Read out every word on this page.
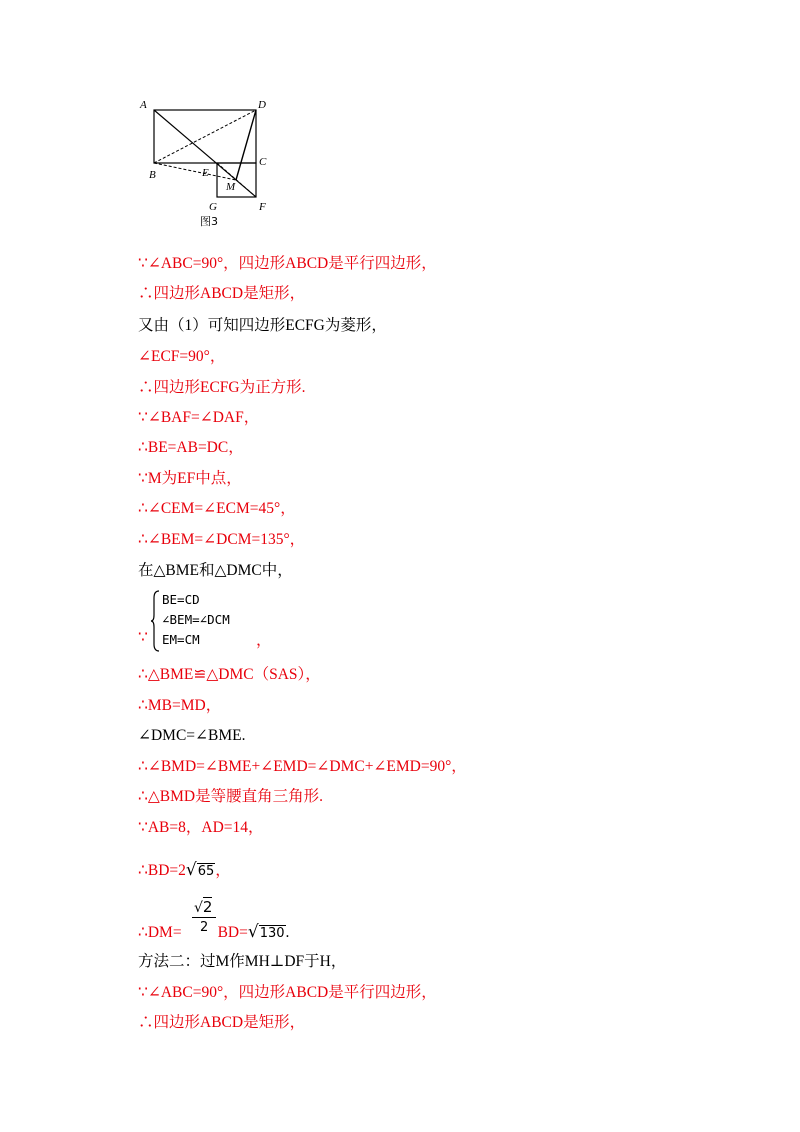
A	D
B	E
C
M
G	F
图3
∵∠ABC=90°，四边形ABCD是平行四边形，
∴四边形ABCD是矩形，
又由（1）可知四边形ECFG为菱形，
∠ECF=90°，
∴四边形ECFG为正方形.
∵∠BAF=∠DAF，
∴BE=AB=DC，
∵M为EF中点，
∴∠CEM=∠ECM=45°，
∴∠BEM=∠DCM=135°，
在△BME和△DMC中，
∵
BE=CD
∠BEM=∠DCM
EM=CM	，
∴△BME≌△DMC（SAS），
∴MB=MD，
∠DMC=∠BME.
∴∠BMD=∠BME+∠EMD=∠DMC+∠EMD=90°，
∴△BMD是等腰直角三角形.
∵AB=8，AD=14，
∴BD=2√65，
∴DM= BD=√130.
√2
2
方法二：过M作MH⊥DF于H，
∵∠ABC=90°，四边形ABCD是平行四边形，
∴四边形ABCD是矩形，
